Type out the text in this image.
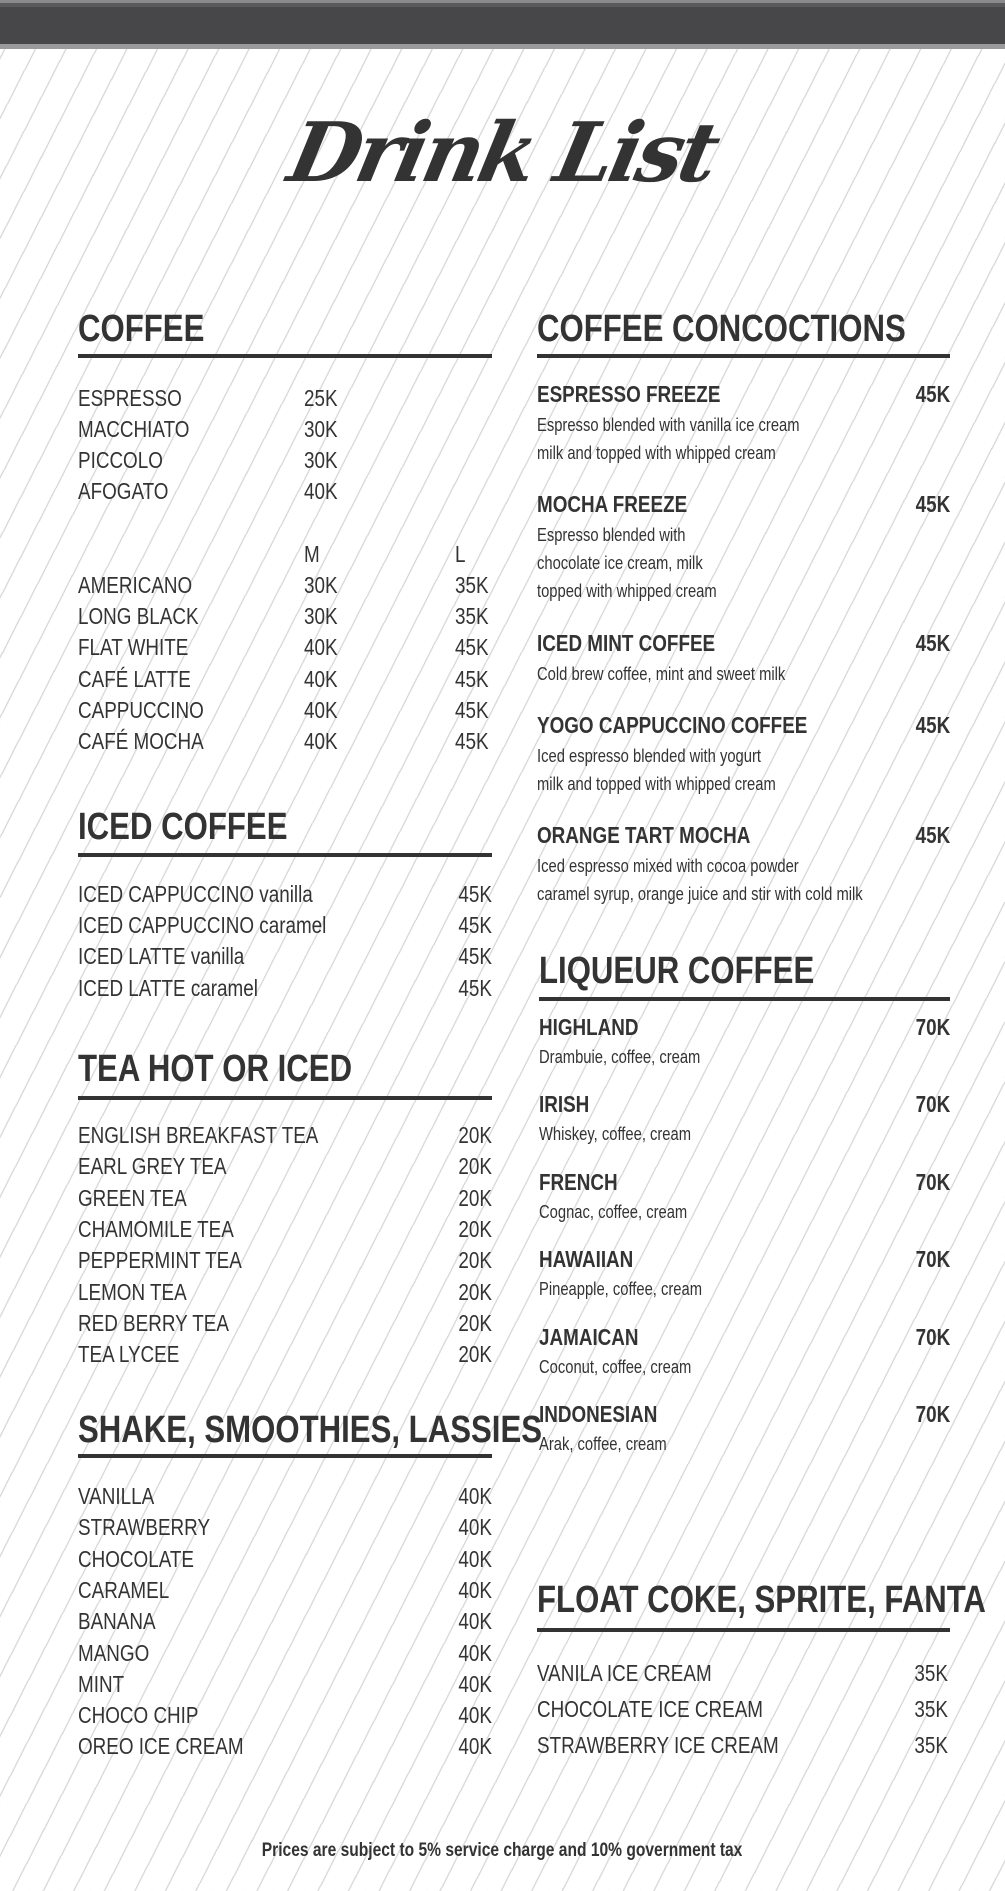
Drink List
COFFEE
ESPRESSO	25K
MACCHIATO	30K
PICCOLO	30K
AFOGATO	40K
M	L
AMERICANO	30K	35K
LONG BLACK	30K	35K
FLAT WHITE	40K	45K
CAFÉ LATTE	40K	45K
CAPPUCCINO	40K	45K
CAFÉ MOCHA	40K	45K
ICED COFFEE
ICED CAPPUCCINO vanilla	45K
ICED CAPPUCCINO caramel	45K
ICED LATTE vanilla	45K
ICED LATTE caramel	45K
TEA HOT OR ICED
ENGLISH BREAKFAST TEA	20K
EARL GREY TEA	20K
GREEN TEA	20K
CHAMOMILE TEA	20K
PEPPERMINT TEA	20K
LEMON TEA	20K
RED BERRY TEA	20K
TEA LYCEE	20K
SHAKE, SMOOTHIES, LASSIES
VANILLA	40K
STRAWBERRY	40K
CHOCOLATE	40K
CARAMEL	40K
BANANA	40K
MANGO	40K
MINT	40K
CHOCO CHIP	40K
OREO ICE CREAM	40K
COFFEE CONCOCTIONS
ESPRESSO FREEZE	45K
Espresso blended with vanilla ice cream
milk and topped with whipped cream
MOCHA FREEZE	45K
Espresso blended with
chocolate ice cream, milk
topped with whipped cream
ICED MINT COFFEE	45K
Cold brew coffee, mint and sweet milk
YOGO CAPPUCCINO COFFEE	45K
Iced espresso blended with yogurt
milk and topped with whipped cream
ORANGE TART MOCHA	45K
Iced espresso mixed with cocoa powder
caramel syrup, orange juice and stir with cold milk
LIQUEUR COFFEE
HIGHLAND	70K
Drambuie, coffee, cream
IRISH	70K
Whiskey, coffee, cream
FRENCH	70K
Cognac, coffee, cream
HAWAIIAN	70K
Pineapple, coffee, cream
JAMAICAN	70K
Coconut, coffee, cream
INDONESIAN	70K
Arak, coffee, cream
FLOAT COKE, SPRITE, FANTA
VANILA ICE CREAM	35K
CHOCOLATE ICE CREAM	35K
STRAWBERRY ICE CREAM	35K
Prices are subject to 5% service charge and 10% government tax
